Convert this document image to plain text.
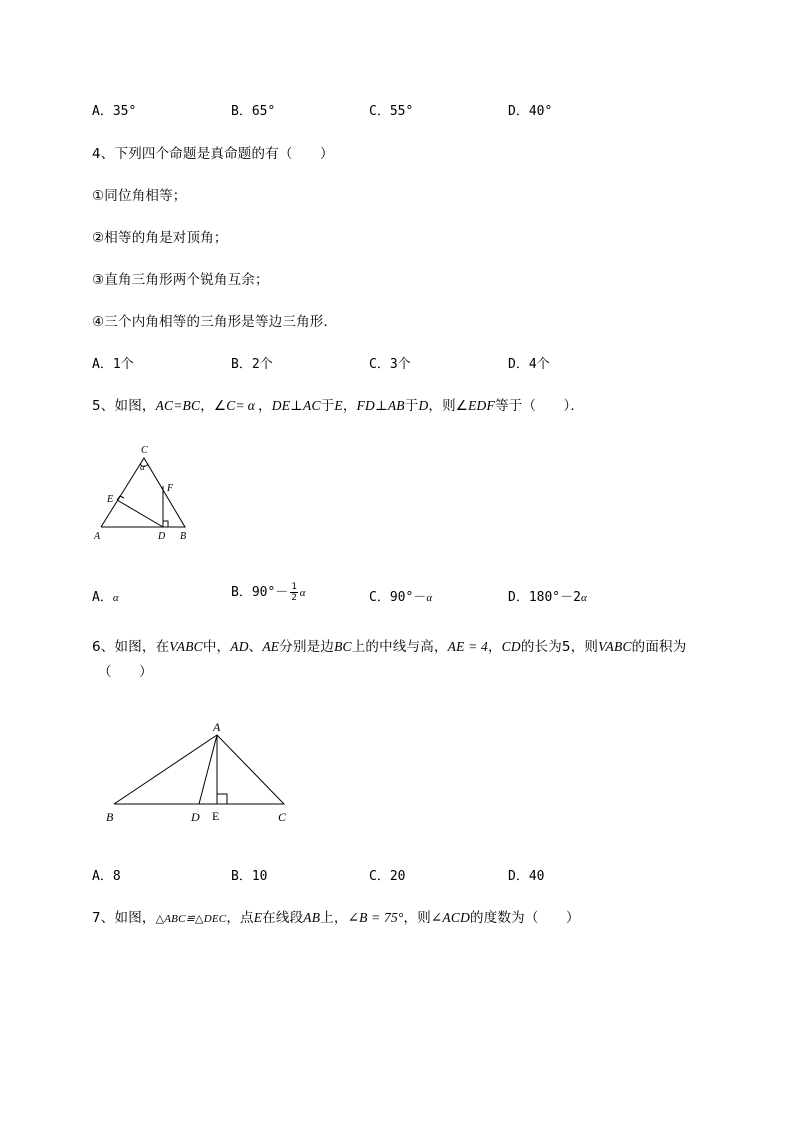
A．35°	B．65°	C．55°	D．40°
4、下列四个命题是真命题的有（　　）
①同位角相等；
②相等的角是对顶角；
③直角三角形两个锐角互余；
④三个内角相等的三角形是等边三角形．
A．1个	B．2个	C．3个	D．4个
5、如图，AC=BC，∠C= α ，DE⊥AC于E，FD⊥AB于D，则∠EDF等于（　　）．
C
α
E
F
A	D B
A．α	B．$90^\circ- \frac{1}{2}$ α	C．90°－α	D．180°－2α
6、如图，在VABC中，AD、AE分别是边BC上的中线与高，AE = 4，CD的长为5，则VABC的面积为
（　　）
A
B	D E	C
A．8	B．10	C．20	D．40
7、如图，△ABC≌△DEC，点E在线段AB上，∠B = 75°，则∠ACD的度数为（　　）
